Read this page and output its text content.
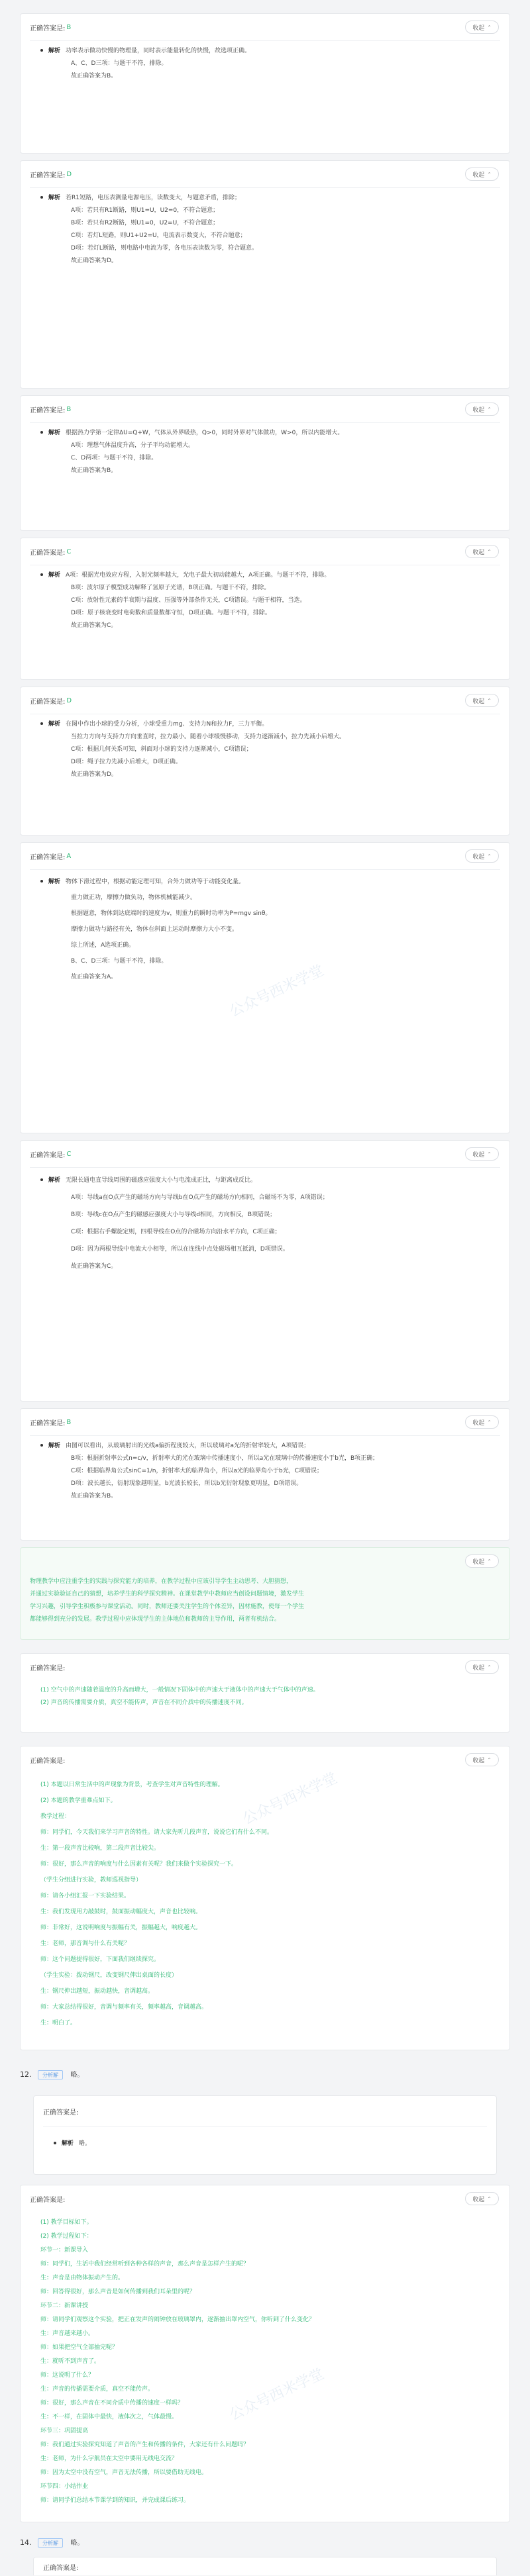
正确答案是: B	收起 ⌃

解析 功率表示做功快慢的物理量，同时表示能量转化的快慢，故选项正确。

A、C、D三项：与题干不符，排除。

故正确答案为B。

正确答案是: D	收起 ⌃

解析 若R1短路，电压表测量电源电压，读数变大，与题意矛盾，排除；

A项：若只有R1断路，则U1=U，U2=0，不符合题意；

B项：若只有R2断路，则U1=0，U2=U，不符合题意；

C项：若灯L短路，则U1+U2=U，电流表示数变大，不符合题意；

D项：若灯L断路，则电路中电流为零，各电压表读数为零，符合题意。

故正确答案为D。

正确答案是: B	收起 ⌃

解析 根据热力学第一定律ΔU=Q+W，气体从外界吸热，Q>0，同时外界对气体做功，W>0，所以内能增大。

A项：理想气体温度升高，分子平均动能增大。

C、D两项：与题干不符，排除。

故正确答案为B。

正确答案是: C	收起 ⌃

解析 A项：根据光电效应方程，入射光频率越大，光电子最大初动能越大，A项正确。与题干不符，排除。

B项：波尔原子模型成功解释了氢原子光谱，B项正确。与题干不符，排除。

C项：放射性元素的半衰期与温度、压强等外部条件无关，C项错误。与题干相符，当选。

D项：原子核衰变时电荷数和质量数都守恒，D项正确。与题干不符，排除。

故正确答案为C。

正确答案是: D	收起 ⌃

解析 在图中作出小球的受力分析，小球受重力mg、支持力N和拉力F，三力平衡。

当拉力方向与支持力方向垂直时，拉力最小。随着小球缓慢移动，支持力逐渐减小，拉力先减小后增大。

C项：根据几何关系可知，斜面对小球的支持力逐渐减小，C项错误；

D项：绳子拉力先减小后增大，D项正确。

故正确答案为D。

正确答案是: A	收起 ⌃

解析 物体下滑过程中，根据动能定理可知，合外力做功等于动能变化量。

重力做正功，摩擦力做负功，物体机械能减少。

根据题意，物体到达底端时的速度为v，则重力的瞬时功率为P=mgv sinθ。

摩擦力做功与路径有关，物体在斜面上运动时摩擦力大小不变。

综上所述，A选项正确。

B、C、D三项：与题干不符，排除。

故正确答案为A。

正确答案是: C	收起 ⌃

解析 无限长通电直导线周围的磁感应强度大小与电流成正比，与距离成反比。

A项：导线a在O点产生的磁场方向与导线b在O点产生的磁场方向相同，合磁场不为零，A项错误；

B项：导线c在O点产生的磁感应强度大小与导线d相同，方向相反，B项错误；

C项：根据右手螺旋定则，四根导线在O点的合磁场方向沿水平方向，C项正确；

D项：因为两根导线中电流大小相等，所以在连线中点处磁场相互抵消，D项错误。

故正确答案为C。

正确答案是: B	收起 ⌃

解析 由图可以看出，从玻璃射出的光线a偏折程度较大，所以玻璃对a光的折射率较大，A项错误；

B项：根据折射率公式n=c/v，折射率大的光在玻璃中传播速度小，所以a光在玻璃中的传播速度小于b光，B项正确；

C项：根据临界角公式sinC=1/n，折射率大的临界角小，所以a光的临界角小于b光，C项错误；

D项：波长越长，衍射现象越明显，b光波长较长，所以b光衍射现象更明显，D项错误。

故正确答案为B。

收起 ⌃

物理教学中应注重学生的实践与探究能力的培养，在教学过程中应该引导学生主动思考、大胆猜想，

并通过实验验证自己的猜想，培养学生的科学探究精神。在课堂教学中教师应当创设问题情境，激发学生

学习兴趣，引导学生积极参与课堂活动。同时，教师还要关注学生的个体差异，因材施教，使每一个学生

都能够得到充分的发展。教学过程中应体现学生的主体地位和教师的主导作用，两者有机结合。

正确答案是:	收起 ⌃

(1) 空气中的声速随着温度的升高而增大，一般情况下固体中的声速大于液体中的声速大于气体中的声速。

(2) 声音的传播需要介质，真空不能传声，声音在不同介质中的传播速度不同。

正确答案是:	收起 ⌃

(1) 本题以日常生活中的声现象为背景，考查学生对声音特性的理解。

(2) 本题的教学重难点如下。

教学过程：

师：同学们，今天我们来学习声音的特性。请大家先听几段声音，说说它们有什么不同。

生：第一段声音比较响，第二段声音比较尖。

师：很好，那么声音的响度与什么因素有关呢？我们来做个实验探究一下。

（学生分组进行实验，教师巡视指导）

师：请各小组汇报一下实验结果。

生：我们发现用力敲鼓时，鼓面振动幅度大，声音也比较响。

师：非常好，这说明响度与振幅有关，振幅越大，响度越大。

生：老师，那音调与什么有关呢？

师：这个问题提得很好，下面我们继续探究。

（学生实验：拨动钢尺，改变钢尺伸出桌面的长度）

生：钢尺伸出越短，振动越快，音调越高。

师：大家总结得很好，音调与频率有关，频率越高，音调越高。

生：明白了。

12. 分析解 略。
正确答案是:

解析 略。

正确答案是:	收起 ⌃

(1) 教学目标如下。

(2) 教学过程如下：

环节一：新课导入

师：同学们，生活中我们经常听到各种各样的声音，那么声音是怎样产生的呢？

生：声音是由物体振动产生的。

师：回答得很好，那么声音是如何传播到我们耳朵里的呢？

环节二：新课讲授

师：请同学们观察这个实验，把正在发声的闹钟放在玻璃罩内，逐渐抽出罩内空气，你听到了什么变化？

生：声音越来越小。

师：如果把空气全部抽完呢？

生：就听不到声音了。

师：这说明了什么？

生：声音的传播需要介质，真空不能传声。

师：很好，那么声音在不同介质中传播的速度一样吗？

生：不一样，在固体中最快，液体次之，气体最慢。

环节三：巩固提高

师：我们通过实验探究知道了声音的产生和传播的条件，大家还有什么问题吗？

生：老师，为什么宇航员在太空中要用无线电交流？

师：因为太空中没有空气，声音无法传播，所以要借助无线电。

环节四：小结作业

师：请同学们总结本节课学到的知识，并完成课后练习。

14. 分析解 略。
正确答案是:
